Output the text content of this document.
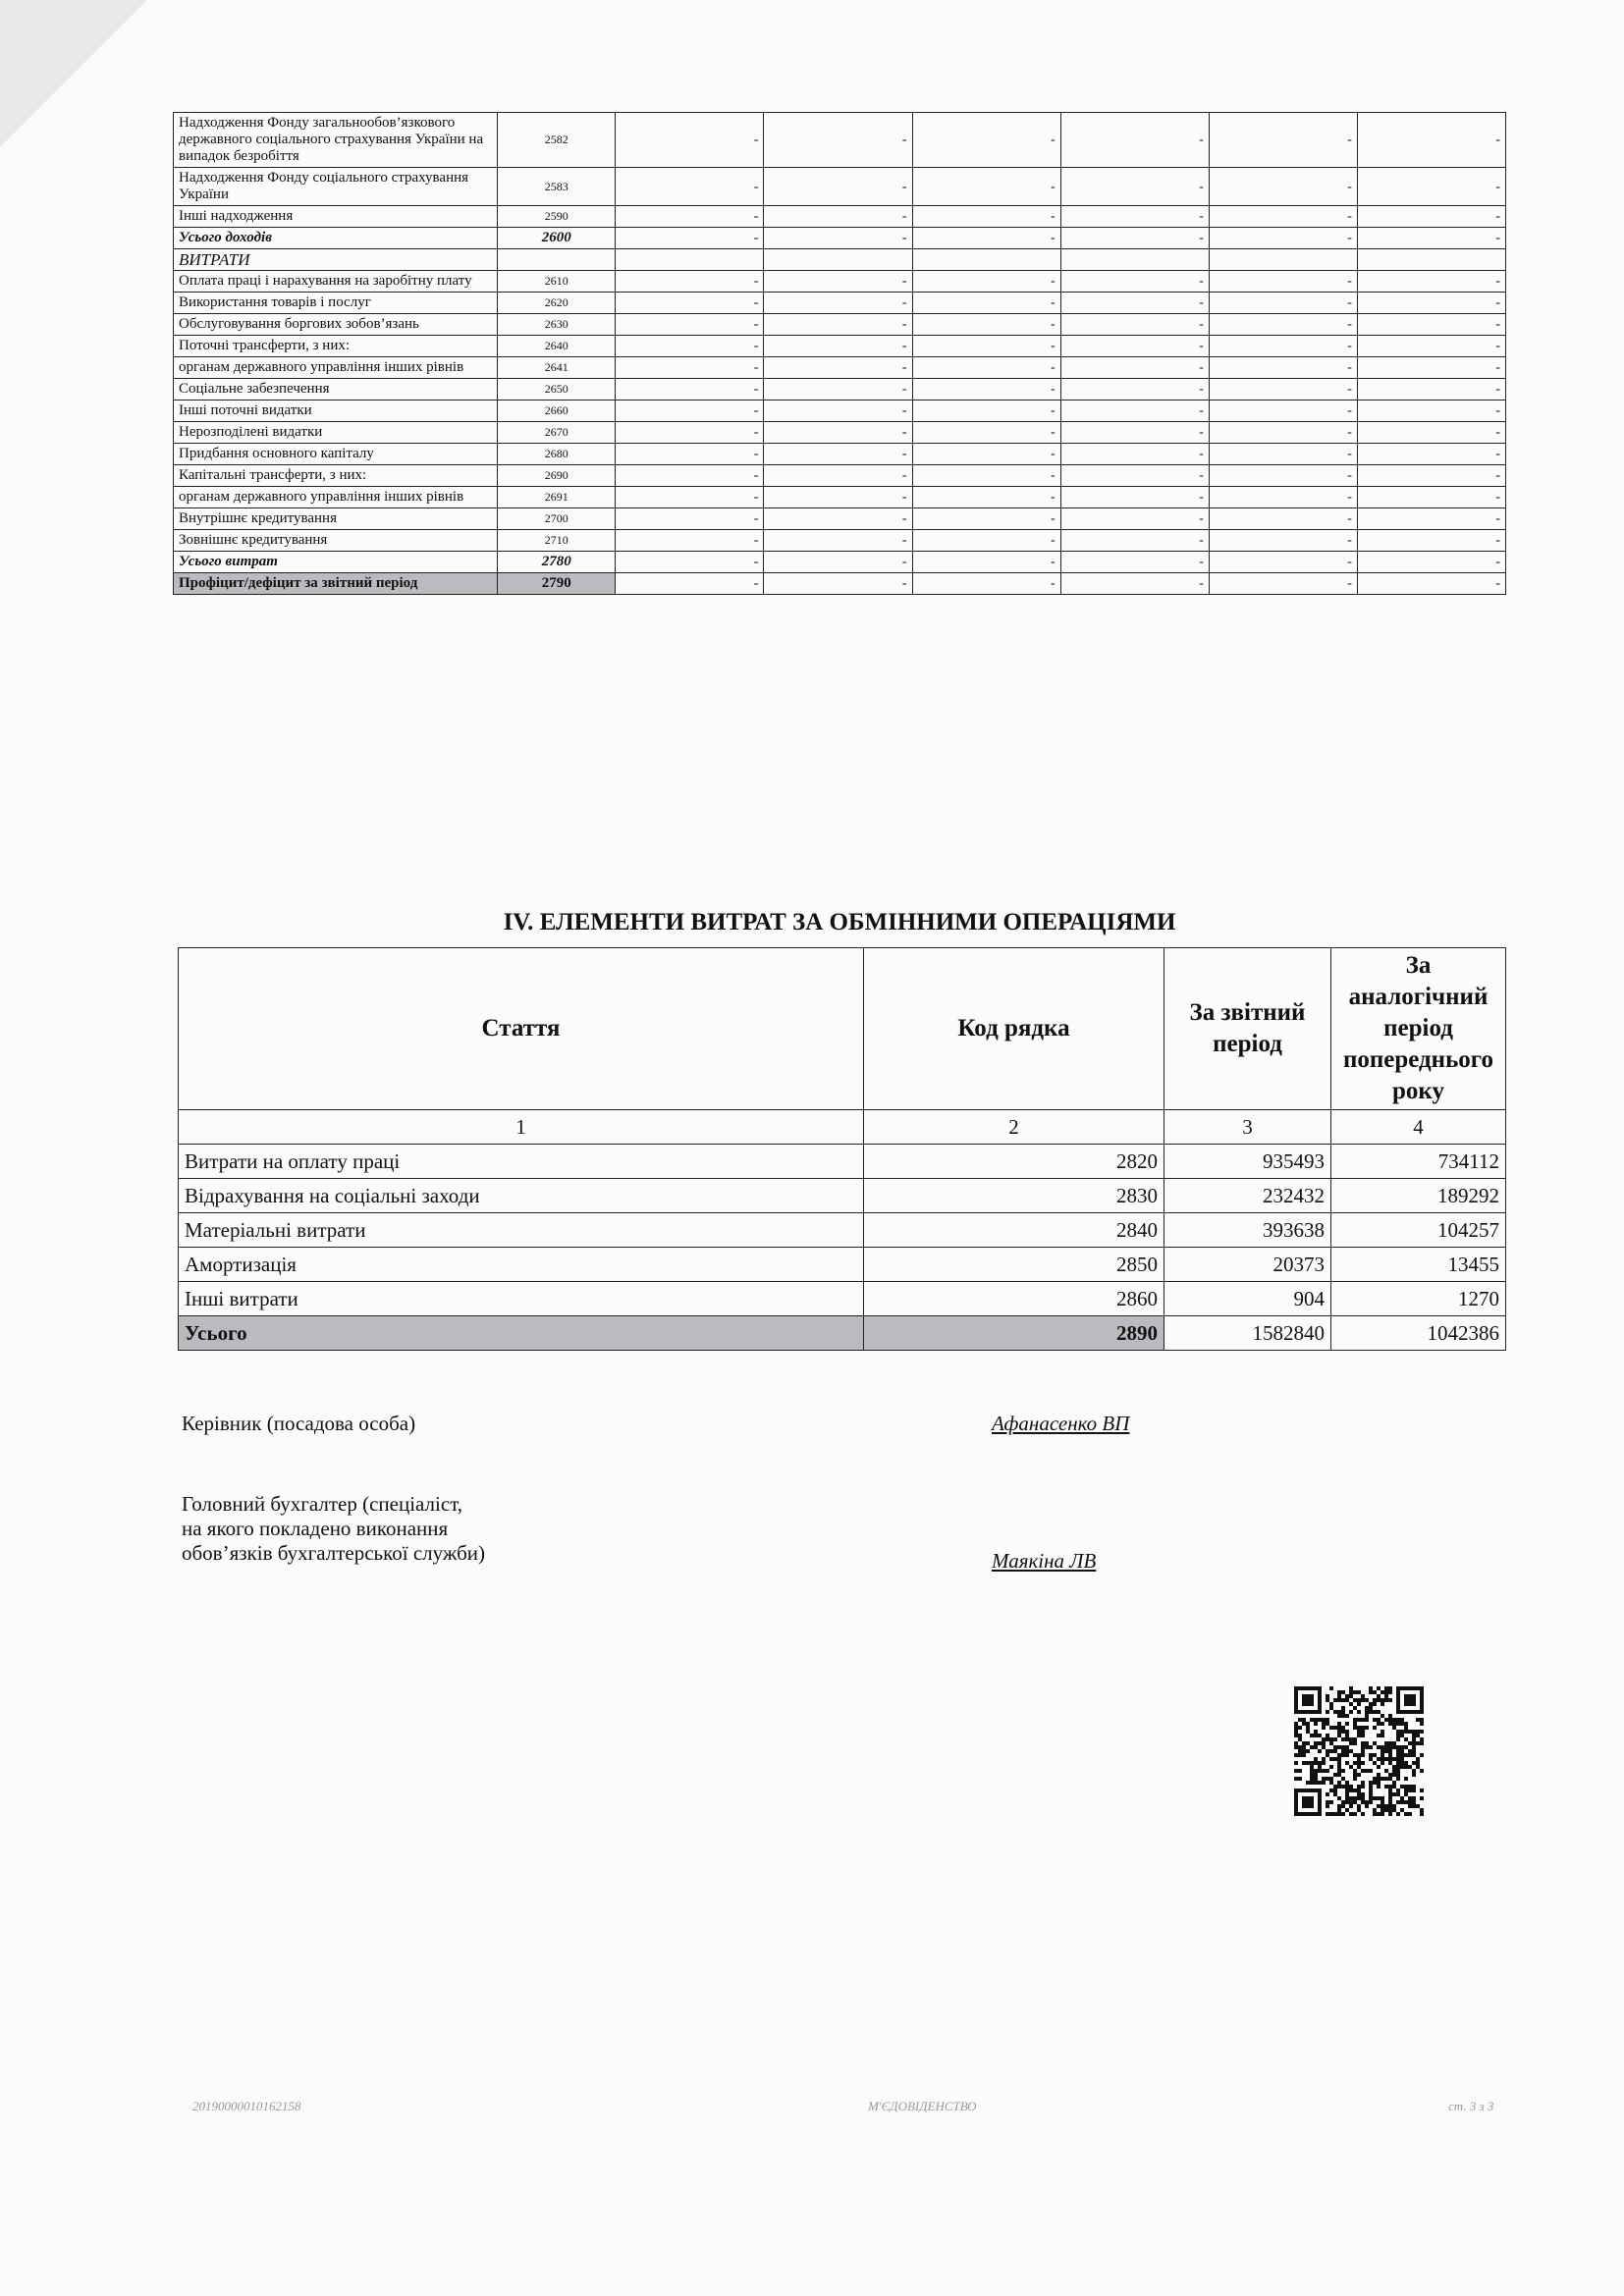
Надходження Фонду загальнообов’язкового державного соціального страхування України на випадок безробіття	2582	-	-	-	-	-	-
Надходження Фонду соціального страхування України	2583	-	-	-	-	-	-
Інші надходження	2590	-	-	-	-	-	-
Усього доходів	2600	-	-	-	-	-	-
ВИТРАТИ							
Оплата праці і нарахування на заробітну плату	2610	-	-	-	-	-	-
Використання товарів і послуг	2620	-	-	-	-	-	-
Обслуговування боргових зобов’язань	2630	-	-	-	-	-	-
Поточні трансферти, з них:	2640	-	-	-	-	-	-
органам державного управління інших рівнів	2641	-	-	-	-	-	-
Соціальне забезпечення	2650	-	-	-	-	-	-
Інші поточні видатки	2660	-	-	-	-	-	-
Нерозподілені видатки	2670	-	-	-	-	-	-
Придбання основного капіталу	2680	-	-	-	-	-	-
Капітальні трансферти, з них:	2690	-	-	-	-	-	-
органам державного управління інших рівнів	2691	-	-	-	-	-	-
Внутрішнє кредитування	2700	-	-	-	-	-	-
Зовнішнє кредитування	2710	-	-	-	-	-	-
Усього витрат	2780	-	-	-	-	-	-
Профіцит/дефіцит за звітний період	2790	-	-	-	-	-	-
IV. ЕЛЕМЕНТИ ВИТРАТ ЗА ОБМІННИМИ ОПЕРАЦІЯМИ
Стаття	Код рядка	За звітний період	За аналогічний період попереднього року
1	2	3	4
Витрати на оплату праці	2820	935493	734112
Відрахування на соціальні заходи	2830	232432	189292
Матеріальні витрати	2840	393638	104257
Амортизація	2850	20373	13455
Інші витрати	2860	904	1270
Усього	2890	1582840	1042386

Керівник (посадова особа)	Афанасенко ВП

Головний бухгалтер (спеціаліст,
на якого покладено виконання
обов’язків бухгалтерської служби)	Маякіна ЛВ

20190000010162158	М'ЄДОВІДЕНСТВО	ст. 3 з 3
